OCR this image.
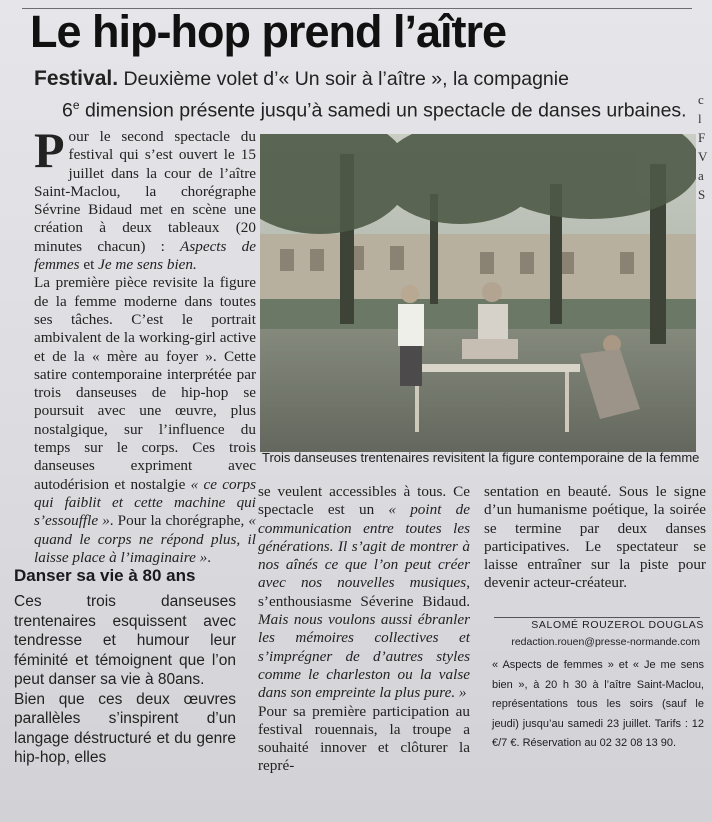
Le hip-hop prend l’aître
Festival. Deuxième volet d’« Un soir à l’aître », la compagnie
6e dimension présente jusqu’à samedi un spectacle de danses urbaines.
P our le second spectacle du festival qui s’est ouvert le 15 juillet dans la cour de l’aître Saint-Maclou, la chorégraphe Sévrine Bidaud met en scène une création à deux tableaux (20 minutes chacun) : Aspects de femmes et Je me sens bien.

La première pièce revisite la figure de la femme moderne dans toutes ses tâches. C’est le portrait ambivalent de la working-girl active et de la « mère au foyer ». Cette satire contemporaine interprétée par trois danseuses de hip-hop se poursuit avec une œuvre, plus nostalgique, sur l’influence du temps sur le corps. Ces trois danseuses expriment avec autodérision et nostalgie « ce corps qui faiblit et cette machine qui s’essouffle ». Pour la chorégraphe, « quand le corps ne répond plus, il laisse place à l’imaginaire ».

Danser sa vie à 80 ans

Ces trois danseuses trentenaires esquissent avec tendresse et humour leur féminité et témoignent que l’on peut danser sa vie à 80ans.

Bien que ces deux œuvres parallèles s’inspirent d’un langage déstructuré et du genre hip-hop, elles

Trois danseuses trentenaires revisitent la figure contemporaine de la femme

se veulent accessibles à tous. Ce spectacle est un « point de communication entre toutes les générations. Il s’agit de montrer à nos aînés ce que l’on peut créer avec nos nouvelles musiques, s’enthousiasme Séverine Bidaud. Mais nous voulons aussi ébranler les mémoires collectives et s’imprégner de d’autres styles comme le charleston ou la valse dans son empreinte la plus pure. »

Pour sa première participation au festival rouennais, la troupe a souhaité innover et clôturer la repré-

sentation en beauté. Sous le signe d’un humanisme poétique, la soirée se termine par deux danses participatives. Le spectateur se laisse entraîner sur la piste pour devenir acteur-créateur.

SALOMÉ ROUZEROL DOUGLAS
redaction.rouen@presse-normande.com
« Aspects de femmes » et « Je me sens bien », à 20 h 30 à l’aître Saint-Maclou, représentations tous les soirs (sauf le jeudi) jusqu’au samedi 23 juillet. Tarifs : 12 €/7 €. Réservation au 02 32 08 13 90.
c
l
F
V
a
S
